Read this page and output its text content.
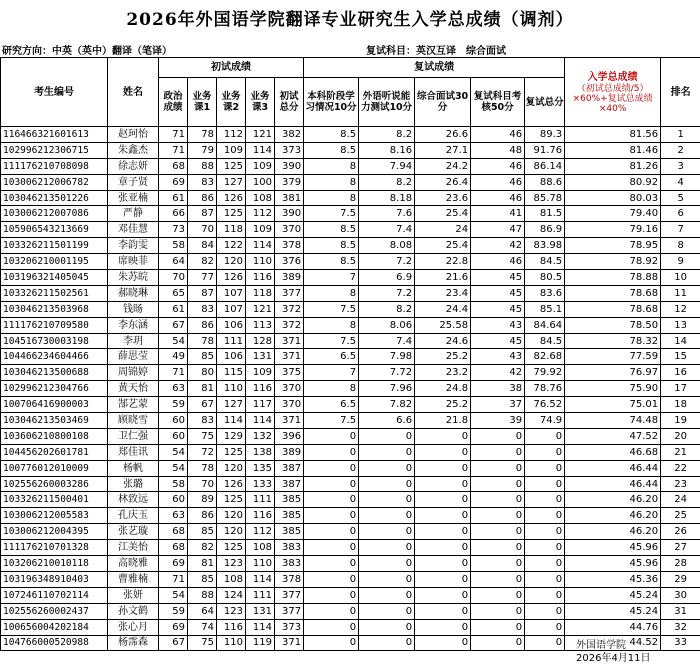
2026年外国语学院翻译专业研究生入学总成绩（调剂）
研究方向：中英（英中）翻译（笔译）	复试科目：英汉互译　综合面试
考生编号	姓名	初试成绩					复试成绩					入学总成绩
（初试总成绩/5）×60%+复试总成绩×40%	排名
		政治成绩	业务课1	业务课2	业务课3	初试总分	本科阶段学习情况10分	外语听说能力测试10分	综合面试30分	复试科目考核50分	复试总分		
116466321601613	赵珂怡	71	78	112	121	382	8.5	8.2	26.6	46	89.3	81.56	1
102996212306715	朱鑫杰	71	79	109	114	373	8.5	8.16	27.1	48	91.76	81.46	2
111176210708098	徐志妍	68	88	125	109	390	8	7.94	24.2	46	86.14	81.26	3
103006212006782	章子贤	69	83	127	100	379	8	8.2	26.4	46	88.6	80.92	4
103046213501226	张亚楠	61	86	126	108	381	8	8.18	23.6	46	85.78	80.03	5
103006212007086	严静	66	87	125	112	390	7.5	7.6	25.4	41	81.5	79.40	6
105906543213669	邓佳慧	73	70	118	109	370	8.5	7.4	24	47	86.9	79.16	7
103326211501199	李韵雯	58	84	122	114	378	8.5	8.08	25.4	42	83.98	78.95	8
103206210001195	席映菲	64	82	120	110	376	8.5	7.2	22.8	46	84.5	78.92	9
103196321405045	朱苏皖	70	77	126	116	389	7	6.9	21.6	45	80.5	78.88	10
103326211502561	郝晓琳	65	87	107	118	377	8	7.2	23.4	45	83.6	78.68	11
103046213503968	钱旸	61	83	107	121	372	7.5	8.2	24.4	45	85.1	78.68	12
111176210709580	李东涵	67	86	106	113	372	8	8.06	25.58	43	84.64	78.50	13
104516730003198	李玥	54	78	111	128	371	7.5	7.4	24.6	45	84.5	78.32	14
104466234604466	薛思莹	49	85	106	131	371	6.5	7.98	25.2	43	82.68	77.59	15
103046213500688	周锦婷	71	80	115	109	375	7	7.72	23.2	42	79.92	76.97	16
102996212304766	黄天怡	63	81	110	116	370	8	7.96	24.8	38	78.76	75.90	17
100706416900003	郜艺蒙	59	67	127	117	370	6.5	7.82	25.2	37	76.52	75.01	18
103046213503469	顾晓雪	60	83	114	114	371	7.5	6.6	21.8	39	74.9	74.48	19
103606210800108	卫仁强	60	75	129	132	396	0	0	0	0	0	47.52	20
104456202601781	郑佳讯	54	72	125	138	389	0	0	0	0	0	46.68	21
100776012010009	杨帆	54	78	120	135	387	0	0	0	0	0	46.44	22
102556260003286	张璐	58	70	126	133	387	0	0	0	0	0	46.44	23
103326211500401	林致远	60	89	125	111	385	0	0	0	0	0	46.20	24
103006212005583	孔庆玉	63	86	120	116	385	0	0	0	0	0	46.20	25
103006212004395	张艺璇	68	85	120	112	385	0	0	0	0	0	46.20	26
111176210701328	江美怡	68	82	125	108	383	0	0	0	0	0	45.96	27
103206210010118	高晓雅	69	81	123	110	383	0	0	0	0	0	45.96	28
103196348910403	曹雅楠	71	85	108	114	378	0	0	0	0	0	45.36	29
107246110702114	张妍	54	88	124	111	377	0	0	0	0	0	45.24	30
102556260002437	孙文鹤	59	64	123	131	377	0	0	0	0	0	45.24	31
100656004202184	张心月	69	74	116	114	373	0	0	0	0	0	44.76	32
104766000520988	杨霈森	67	75	110	119	371	0	0	0	0	0	44.52	33
外国语学院
2026年4月11日
